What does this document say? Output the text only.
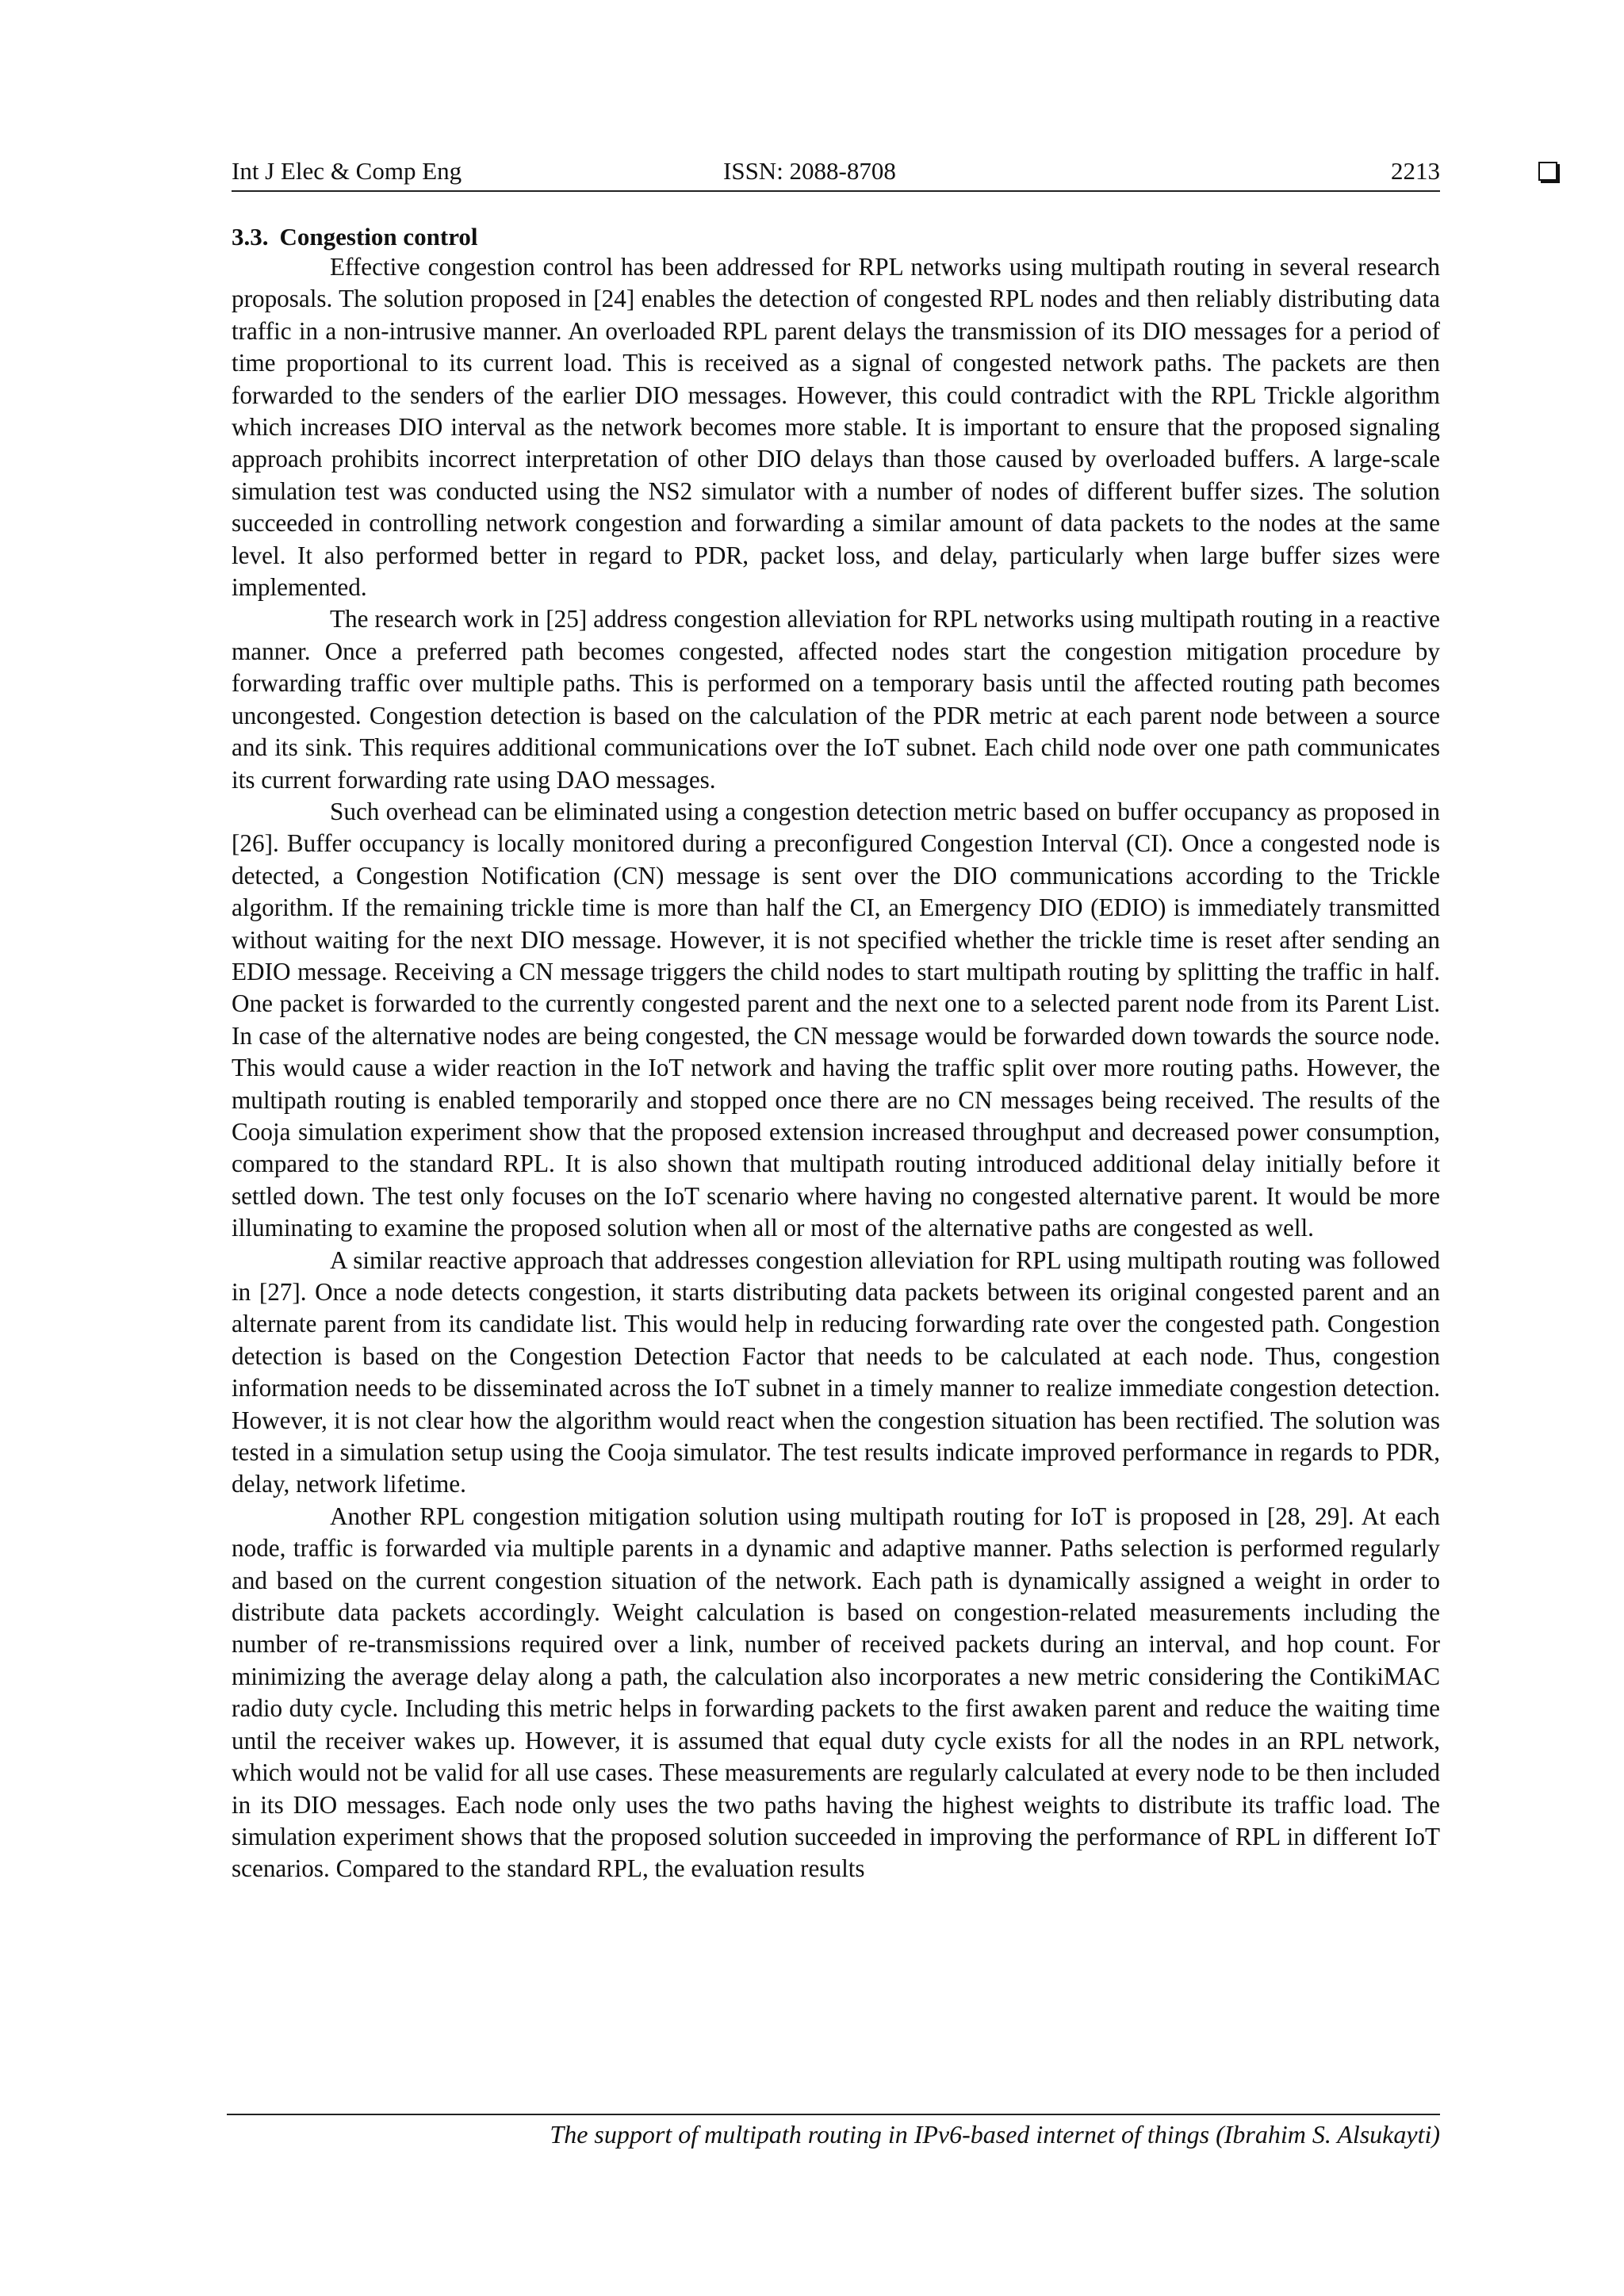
Int J Elec & Comp Eng	ISSN: 2088-8708	2213
3.3. Congestion control

Effective congestion control has been addressed for RPL networks using multipath routing in several research proposals. The solution proposed in [24] enables the detection of congested RPL nodes and then reliably distributing data traffic in a non-intrusive manner. An overloaded RPL parent delays the transmission of its DIO messages for a period of time proportional to its current load. This is received as a signal of congested network paths. The packets are then forwarded to the senders of the earlier DIO messages. However, this could contradict with the RPL Trickle algorithm which increases DIO interval as the network becomes more stable. It is important to ensure that the proposed signaling approach prohibits incorrect interpretation of other DIO delays than those caused by overloaded buffers. A large-scale simulation test was conducted using the NS2 simulator with a number of nodes of different buffer sizes. The solution succeeded in controlling network congestion and forwarding a similar amount of data packets to the nodes at the same level. It also performed better in regard to PDR, packet loss, and delay, particularly when large buffer sizes were implemented.

The research work in [25] address congestion alleviation for RPL networks using multipath routing in a reactive manner. Once a preferred path becomes congested, affected nodes start the congestion mitigation procedure by forwarding traffic over multiple paths. This is performed on a temporary basis until the affected routing path becomes uncongested. Congestion detection is based on the calculation of the PDR metric at each parent node between a source and its sink. This requires additional communications over the IoT subnet. Each child node over one path communicates its current forwarding rate using DAO messages.

Such overhead can be eliminated using a congestion detection metric based on buffer occupancy as proposed in [26]. Buffer occupancy is locally monitored during a preconfigured Congestion Interval (CI). Once a congested node is detected, a Congestion Notification (CN) message is sent over the DIO communications according to the Trickle algorithm. If the remaining trickle time is more than half the CI, an Emergency DIO (EDIO) is immediately transmitted without waiting for the next DIO message. However, it is not specified whether the trickle time is reset after sending an EDIO message. Receiving a CN message triggers the child nodes to start multipath routing by splitting the traffic in half. One packet is forwarded to the currently congested parent and the next one to a selected parent node from its Parent List. In case of the alternative nodes are being congested, the CN message would be forwarded down towards the source node. This would cause a wider reaction in the IoT network and having the traffic split over more routing paths. However, the multipath routing is enabled temporarily and stopped once there are no CN messages being received. The results of the Cooja simulation experiment show that the proposed extension increased throughput and decreased power consumption, compared to the standard RPL. It is also shown that multipath routing introduced additional delay initially before it settled down. The test only focuses on the IoT scenario where having no congested alternative parent. It would be more illuminating to examine the proposed solution when all or most of the alternative paths are congested as well.

A similar reactive approach that addresses congestion alleviation for RPL using multipath routing was followed in [27]. Once a node detects congestion, it starts distributing data packets between its original congested parent and an alternate parent from its candidate list. This would help in reducing forwarding rate over the congested path. Congestion detection is based on the Congestion Detection Factor that needs to be calculated at each node. Thus, congestion information needs to be disseminated across the IoT subnet in a timely manner to realize immediate congestion detection. However, it is not clear how the algorithm would react when the congestion situation has been rectified. The solution was tested in a simulation setup using the Cooja simulator. The test results indicate improved performance in regards to PDR, delay, network lifetime.

Another RPL congestion mitigation solution using multipath routing for IoT is proposed in [28, 29]. At each node, traffic is forwarded via multiple parents in a dynamic and adaptive manner. Paths selection is performed regularly and based on the current congestion situation of the network. Each path is dynamically assigned a weight in order to distribute data packets accordingly. Weight calculation is based on congestion-related measurements including the number of re-transmissions required over a link, number of received packets during an interval, and hop count. For minimizing the average delay along a path, the calculation also incorporates a new metric considering the ContikiMAC radio duty cycle. Including this metric helps in forwarding packets to the first awaken parent and reduce the waiting time until the receiver wakes up. However, it is assumed that equal duty cycle exists for all the nodes in an RPL network, which would not be valid for all use cases. These measurements are regularly calculated at every node to be then included in its DIO messages. Each node only uses the two paths having the highest weights to distribute its traffic load. The simulation experiment shows that the proposed solution succeeded in improving the performance of RPL in different IoT scenarios. Compared to the standard RPL, the evaluation results

The support of multipath routing in IPv6-based internet of things (Ibrahim S. Alsukayti)
